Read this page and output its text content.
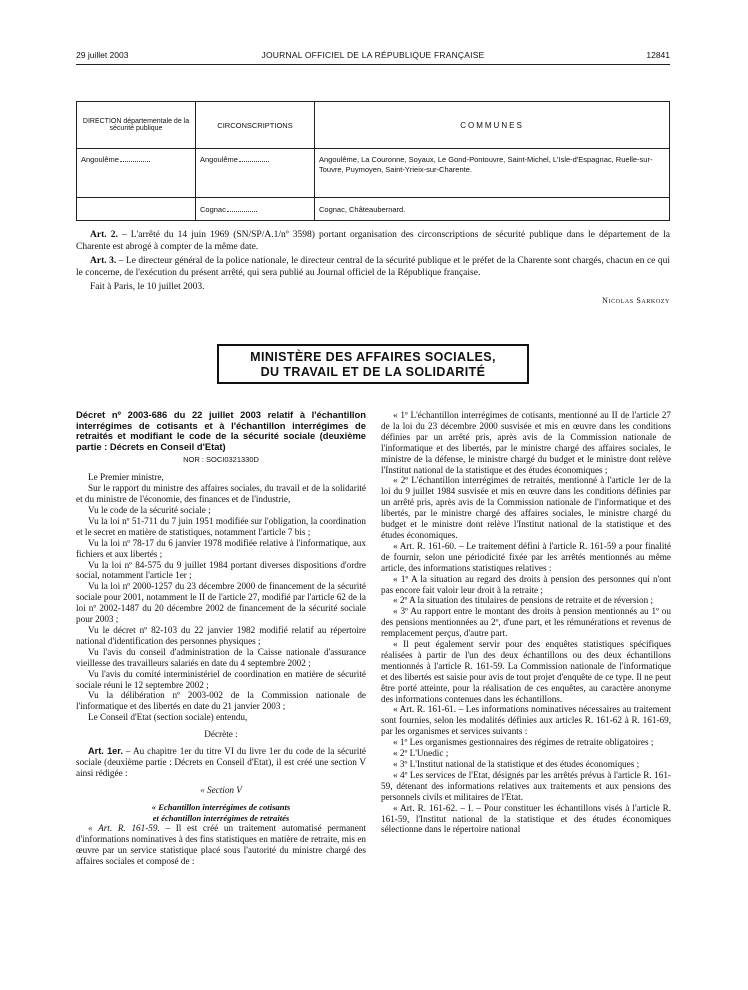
29 juillet 2003	JOURNAL OFFICIEL DE LA RÉPUBLIQUE FRANÇAISE	12841
DIRECTION départementale de la sécurité publique	CIRCONSCRIPTIONS	COMMUNES
Angoulême	Angoulême	Angoulême, La Couronne, Soyaux, Le Gond-Pontouvre, Saint-Michel, L'Isle-d'Espagnac, Ruelle-sur-Touvre, Puymoyen, Saint-Yrieix-sur-Charente.
	Cognac	Cognac, Châteaubernard.

Art. 2. – L'arrêté du 14 juin 1969 (SN/SP/A.1/nº 3598) portant organisation des circonscriptions de sécurité publique dans le département de la Charente est abrogé à compter de la même date.

Art. 3. – Le directeur général de la police nationale, le directeur central de la sécurité publique et le préfet de la Charente sont chargés, chacun en ce qui le concerne, de l'exécution du présent arrêté, qui sera publié au Journal officiel de la République française.

Fait à Paris, le 10 juillet 2003.

Nicolas Sarkozy
MINISTÈRE DES AFFAIRES SOCIALES,
DU TRAVAIL ET DE LA SOLIDARITÉ

Décret nº 2003-686 du 22 juillet 2003 relatif à l'échantillon interrégimes de cotisants et à l'échantillon interrégimes de retraités et modifiant le code de la sécurité sociale (deuxième partie : Décrets en Conseil d'Etat)

NOR : SOCI0321330D

Le Premier ministre,

Sur le rapport du ministre des affaires sociales, du travail et de la solidarité et du ministre de l'économie, des finances et de l'industrie,

Vu le code de la sécurité sociale ;

Vu la loi nº 51-711 du 7 juin 1951 modifiée sur l'obligation, la coordination et le secret en matière de statistiques, notamment l'article 7 bis ;

Vu la loi nº 78-17 du 6 janvier 1978 modifiée relative à l'informatique, aux fichiers et aux libertés ;

Vu la loi nº 84-575 du 9 juillet 1984 portant diverses dispositions d'ordre social, notamment l'article 1er ;

Vu la loi nº 2000-1257 du 23 décembre 2000 de financement de la sécurité sociale pour 2001, notamment le II de l'article 27, modifié par l'article 62 de la loi nº 2002-1487 du 20 décembre 2002 de financement de la sécurité sociale pour 2003 ;

Vu le décret nº 82-103 du 22 janvier 1982 modifié relatif au répertoire national d'identification des personnes physiques ;

Vu l'avis du conseil d'administration de la Caisse nationale d'assurance vieillesse des travailleurs salariés en date du 4 septembre 2002 ;

Vu l'avis du comité interministériel de coordination en matière de sécurité sociale réuni le 12 septembre 2002 ;

Vu la délibération nº 2003-002 de la Commission nationale de l'informatique et des libertés en date du 21 janvier 2003 ;

Le Conseil d'Etat (section sociale) entendu,

Décrète :

Art. 1er. – Au chapitre 1er du titre VI du livre 1er du code de la sécurité sociale (deuxième partie : Décrets en Conseil d'Etat), il est créé une section V ainsi rédigée :

« Section V

« Echantillon interrégimes de cotisants

et échantillon interrégimes de retraités

« Art. R. 161-59. – Il est créé un traitement automatisé permanent d'informations nominatives à des fins statistiques en matière de retraite, mis en œuvre par un service statistique placé sous l'autorité du ministre chargé des affaires sociales et composé de :

« 1º L'échantillon interrégimes de cotisants, mentionné au II de l'article 27 de la loi du 23 décembre 2000 susvisée et mis en œuvre dans les conditions définies par un arrêté pris, après avis de la Commission nationale de l'informatique et des libertés, par le ministre chargé des affaires sociales, le ministre de la défense, le ministre chargé du budget et le ministre dont relève l'Institut national de la statistique et des études économiques ;

« 2º L'échantillon interrégimes de retraités, mentionné à l'article 1er de la loi du 9 juillet 1984 susvisée et mis en œuvre dans les conditions définies par un arrêté pris, après avis de la Commission nationale de l'informatique et des libertés, par le ministre chargé des affaires sociales, le ministre chargé du budget et le ministre dont relève l'Institut national de la statistique et des études économiques.

« Art. R. 161-60. – Le traitement défini à l'article R. 161-59 a pour finalité de fournir, selon une périodicité fixée par les arrêtés mentionnés au même article, des informations statistiques relatives :

« 1º A la situation au regard des droits à pension des personnes qui n'ont pas encore fait valoir leur droit à la retraite ;

« 2º A la situation des titulaires de pensions de retraite et de réversion ;

« 3º Au rapport entre le montant des droits à pension mentionnés au 1º ou des pensions mentionnées au 2º, d'une part, et les rémunérations et revenus de remplacement perçus, d'autre part.

« Il peut également servir pour des enquêtes statistiques spécifiques réalisées à partir de l'un des deux échantillons ou des deux échantillons mentionnés à l'article R. 161-59. La Commission nationale de l'informatique et des libertés est saisie pour avis de tout projet d'enquête de ce type. Il ne peut être porté atteinte, pour la réalisation de ces enquêtes, au caractère anonyme des informations contenues dans les échantillons.

« Art. R. 161-61. – Les informations nominatives nécessaires au traitement sont fournies, selon les modalités définies aux articles R. 161-62 à R. 161-69, par les organismes et services suivants :

« 1º Les organismes gestionnaires des régimes de retraite obligatoires ;

« 2º L'Unedic ;

« 3º L'Institut national de la statistique et des études économiques ;

« 4º Les services de l'Etat, désignés par les arrêtés prévus à l'article R. 161-59, détenant des informations relatives aux traitements et aux pensions des personnels civils et militaires de l'Etat.

« Art. R. 161-62. – I. – Pour constituer les échantillons visés à l'article R. 161-59, l'Institut national de la statistique et des études économiques sélectionne dans le répertoire national
